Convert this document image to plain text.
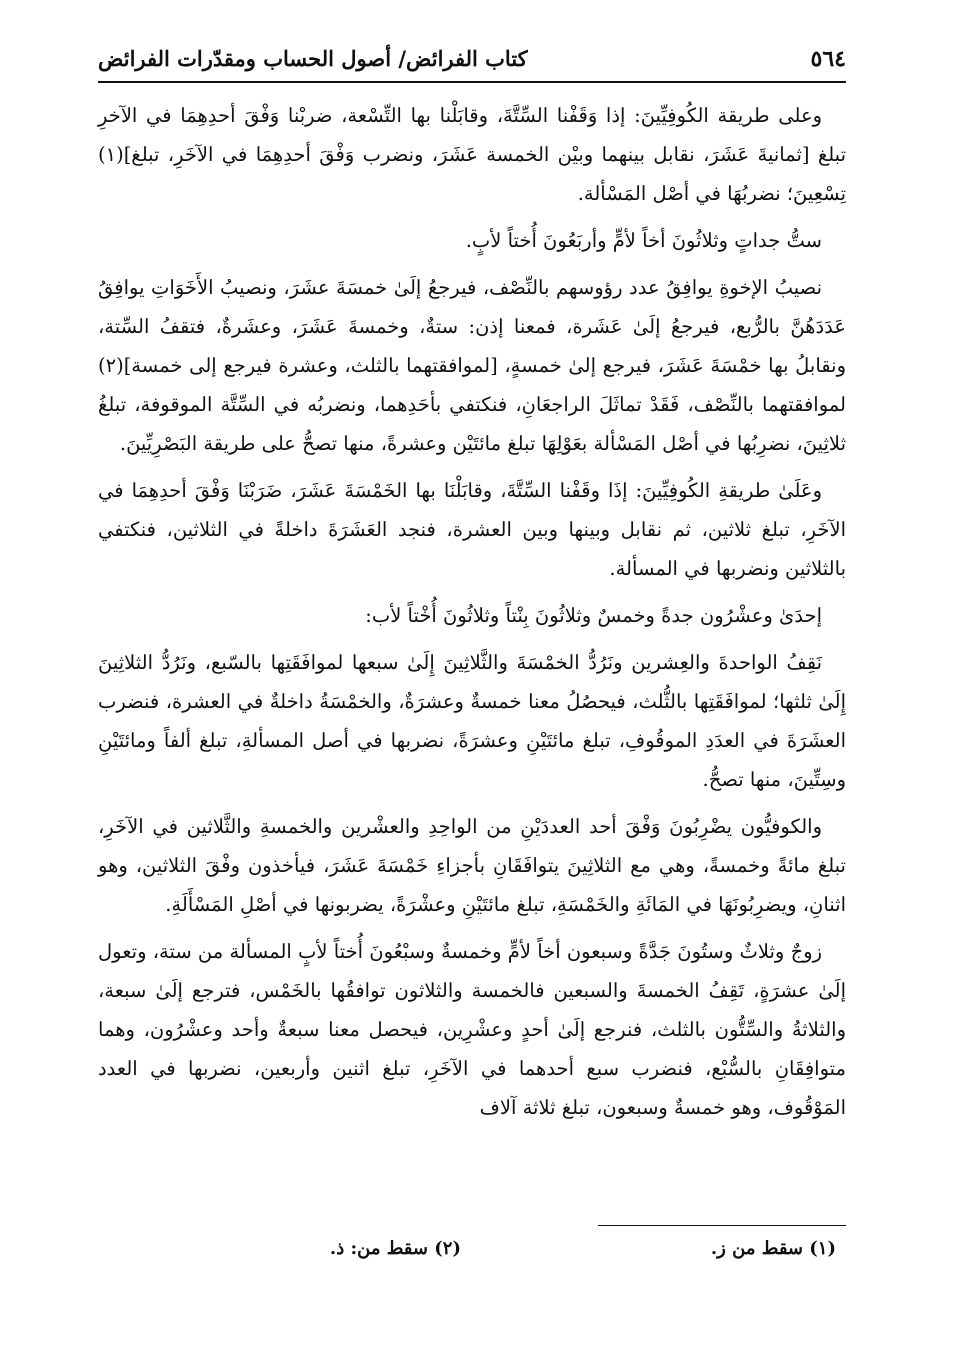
٥٦٤
كتاب الفرائض/ أصول الحساب ومقدّرات الفرائض

وعلى طريقة الكُوفِيِّينَ: إذا وَقَفْنا السِّتَّةَ، وقابَلْنا بها التِّسْعة، ضربْنا وَفْقَ أحدِهِمَا في الآخرِ تبلغ [ثمانيةَ عَشَرَ، نقابل بينهما وبيْن الخمسة عَشَرَ، ونضرب وَفْقَ أحدِهِمَا في الآخَرِ، تبلغ](١) تِسْعِينَ؛ نضربُهَا في أصْل المَسْألة.

ستُّ جداتٍ وثلاثُونَ أخاً لأمٍّ وأربَعُونَ أُختاً لأبٍ.

نصيبُ الإخوةِ يوافِقُ عدد رؤوسهم بالنِّصْف، فيرجعُ إلَىٰ خمسَةَ عشَرَ، ونصيبُ الأَخَوَاتِ يوافِقُ عَدَدَهُنَّ بالرُّبع، فيرجعُ إلَىٰ عَشَرة، فمعنا إذن: ستةٌ، وخمسةَ عَشَرَ، وعشَرةٌ، فتقفُ السِّتة، ونقابلُ بها خمْسَةَ عَشَرَ، فيرجع إلىٰ خمسةٍ، [لموافقتهما بالثلث، وعشرة فيرجع إلى خمسة](٢) لموافقتهما بالنِّصْف، فَقَدْ تماثَلَ الراجعَانِ، فنكتفي بأحَدِهما، ونضربُه في السِّتَّة الموقوفة، تبلغُ ثلاثِينَ، نضرِبُها في أصْل المَسْألة بعَوْلِهَا تبلغ مائتَيْن وعشرةً، منها تصحُّ على طريقة البَصْرِيِّينَ.

وعَلَىٰ طريقةِ الكُوفِيِّينَ: إذَا وقَفْنا السِّتَّةَ، وقابَلْنَا بها الخَمْسَةَ عَشَرَ، ضَرَبْنَا وَفْقَ أحدِهِمَا في الآخَرِ، تبلغ ثلاثين، ثم نقابل وبينها وبين العشرة، فنجد العَشَرَةَ داخلةً في الثلاثين، فنكتفي بالثلاثين ونضربها في المسألة.

إحدَىٰ وعشْرُون جدةً وخمسٌ وثلاثُونَ بِنْتاً وثلاثُونَ أُخْتاً لأب:

نَقِفُ الواحدةَ والعِشرين ونَرُدُّ الخمْسَةَ والثَّلاثِينَ إِلَىٰ سبعها لموافَقَتِها بالسّبع، ونَرُدُّ الثلاثِينَ إِلَىٰ ثلثها؛ لموافَقَتِها بالثُّلث، فيحصُلُ معنا خمسةٌ وعشرَةٌ، والخمْسَةُ داخلةٌ في العشرة، فنضرب العشَرَةَ في العدَدِ الموقُوفِ، تبلغ مائتَيْنِ وعشرَةً، نضربها في أصل المسألةِ، تبلغ ألفاً ومائتَيْنِ وسِتِّينَ، منها تصحُّ.

والكوفيُّون يضْرِبُونَ وَفْقَ أحد العددَيْنِ من الواحِدِ والعشْرين والخمسةِ والثَّلاثين في الآخَرِ، تبلغ مائةً وخمسةً، وهي مع الثلاثِينَ يتوافَقَانِ بأجزاءِ خَمْسَةَ عَشَرَ، فيأخذون وفْقَ الثلاثين، وهو اثنانِ، ويضرِبُونَهَا في المَائَةِ والخَمْسَةِ، تبلغ مائتَيْنِ وعشْرَةً، يضربونها في أصْلِ المَسْأَلَةِ.

زوجٌ وثلاثٌ وستُونَ جَدَّةً وسبعون أخاً لأمٍّ وخمسةٌ وسبْعُونَ أُختاً لأبٍ المسألة من ستة، وتعول إلَىٰ عشرَةٍ، تَقِفُ الخمسةَ والسبعين فالخمسة والثلاثون توافقُها بالخَمْس، فترجع إلَىٰ سبعة، والثلاثةُ والسِّتُّون بالثلث، فنرجع إلَىٰ أحدٍ وعشْرِين، فيحصل معنا سبعةٌ وأحد وعشْرُون، وهما متوافِقَانِ بالسُّبْع، فنضرب سبع أحدهما في الآخَرِ، تبلغ اثنين وأربعين، نضربها في العدد المَوْقُوف، وهو خمسةٌ وسبعون، تبلغ ثلاثة آلاف

(١) سقط من ز.
(٢) سقط من: ذ.
